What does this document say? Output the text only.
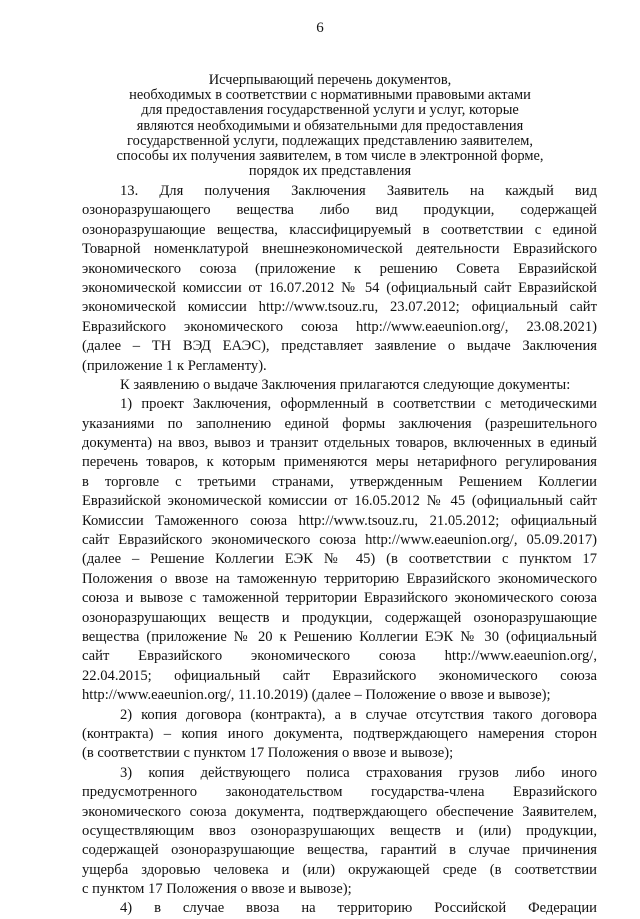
6
Исчерпывающий перечень документов,
необходимых в соответствии с нормативными правовыми актами
для предоставления государственной услуги и услуг, которые
являются необходимыми и обязательными для предоставления
государственной услуги, подлежащих представлению заявителем,
способы их получения заявителем, в том числе в электронной форме,
порядок их представления
13. Для получения Заключения Заявитель на каждый вид
озоноразрушающего вещества либо вид продукции, содержащей
озоноразрушающие вещества, классифицируемый в соответствии с единой
Товарной номенклатурой внешнеэкономической деятельности Евразийского
экономического союза (приложение к решению Совета Евразийской
экономической комиссии от 16.07.2012 № 54 (официальный сайт Евразийской
экономической комиссии http://www.tsouz.ru, 23.07.2012; официальный сайт
Евразийского экономического союза http://www.eaeunion.org/, 23.08.2021)
(далее – ТН ВЭД ЕАЭС), представляет заявление о выдаче Заключения
(приложение 1 к Регламенту).
К заявлению о выдаче Заключения прилагаются следующие документы:
1) проект Заключения, оформленный в соответствии с методическими
указаниями по заполнению единой формы заключения (разрешительного
документа) на ввоз, вывоз и транзит отдельных товаров, включенных в единый
перечень товаров, к которым применяются меры нетарифного регулирования
в торговле с третьими странами, утвержденным Решением Коллегии
Евразийской экономической комиссии от 16.05.2012 № 45 (официальный сайт
Комиссии Таможенного союза http://www.tsouz.ru, 21.05.2012; официальный
сайт Евразийского экономического союза http://www.eaeunion.org/, 05.09.2017)
(далее – Решение Коллегии ЕЭК № 45) (в соответствии с пунктом 17
Положения о ввозе на таможенную территорию Евразийского экономического
союза и вывозе с таможенной территории Евразийского экономического союза
озоноразрушающих веществ и продукции, содержащей озоноразрушающие
вещества (приложение № 20 к Решению Коллегии ЕЭК № 30 (официальный
сайт Евразийского экономического союза http://www.eaeunion.org/,
22.04.2015; официальный сайт Евразийского экономического союза
http://www.eaeunion.org/, 11.10.2019) (далее – Положение о ввозе и вывозе);
2) копия договора (контракта), а в случае отсутствия такого договора
(контракта) – копия иного документа, подтверждающего намерения сторон
(в соответствии с пунктом 17 Положения о ввозе и вывозе);
3) копия действующего полиса страхования грузов либо иного
предусмотренного законодательством государства-члена Евразийского
экономического союза документа, подтверждающего обеспечение Заявителем,
осуществляющим ввоз озоноразрушающих веществ и (или) продукции,
содержащей озоноразрушающие вещества, гарантий в случае причинения
ущерба здоровью человека и (или) окружающей среде (в соответствии
с пунктом 17 Положения о ввозе и вывозе);
4) в случае ввоза на территорию Российской Федерации
